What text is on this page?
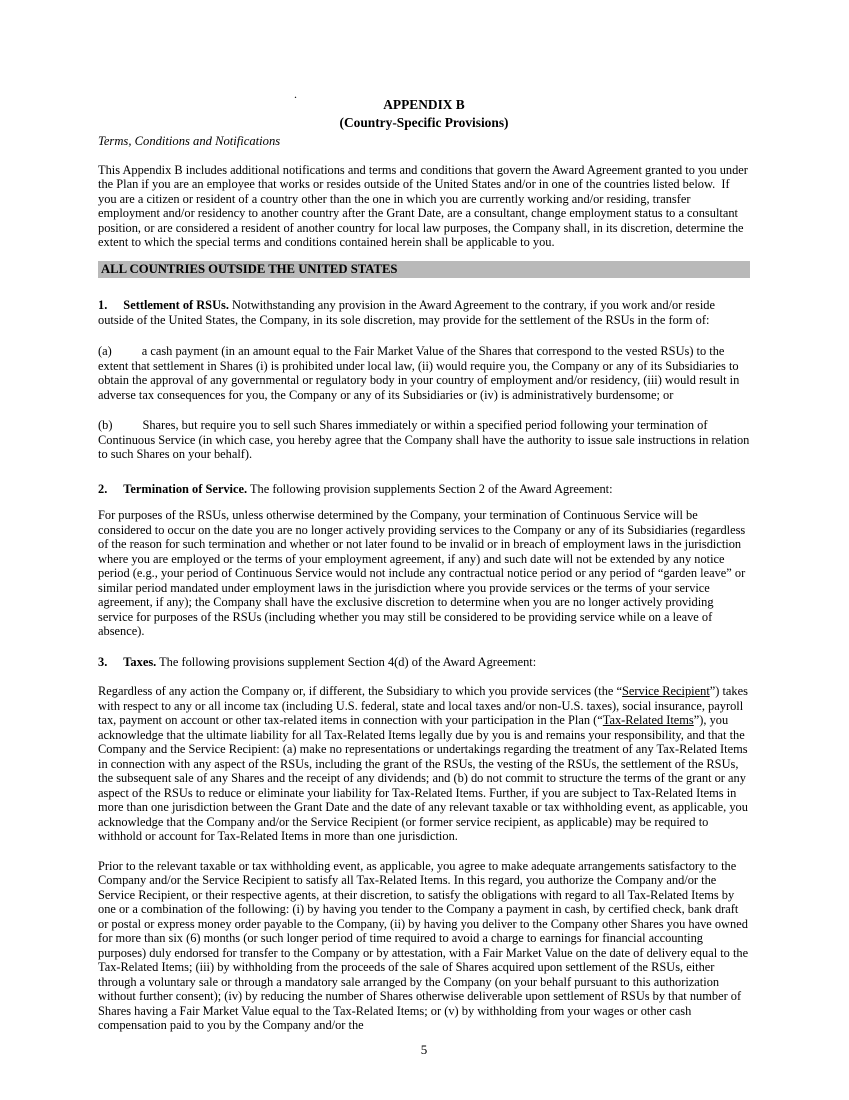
.
APPENDIX B
(Country-Specific Provisions)
Terms, Conditions and Notifications

This Appendix B includes additional notifications and terms and conditions that govern the Award Agreement granted to you under the Plan if you are an employee that works or resides outside of the United States and/or in one of the countries listed below.  If you are a citizen or resident of a country other than the one in which you are currently working and/or residing, transfer employment and/or residency to another country after the Grant Date, are a consultant, change employment status to a consultant position, or are considered a resident of another country for local law purposes, the Company shall, in its discretion, determine the extent to which the special terms and conditions contained herein shall be applicable to you.

ALL COUNTRIES OUTSIDE THE UNITED STATES

1. Settlement of RSUs. Notwithstanding any provision in the Award Agreement to the contrary, if you work and/or reside outside of the United States, the Company, in its sole discretion, may provide for the settlement of the RSUs in the form of:

(a) a cash payment (in an amount equal to the Fair Market Value of the Shares that correspond to the vested RSUs) to the extent that settlement in Shares (i) is prohibited under local law, (ii) would require you, the Company or any of its Subsidiaries to obtain the approval of any governmental or regulatory body in your country of employment and/or residency, (iii) would result in adverse tax consequences for you, the Company or any of its Subsidiaries or (iv) is administratively burdensome; or

(b) Shares, but require you to sell such Shares immediately or within a specified period following your termination of Continuous Service (in which case, you hereby agree that the Company shall have the authority to issue sale instructions in relation to such Shares on your behalf).

2. Termination of Service. The following provision supplements Section 2 of the Award Agreement:

For purposes of the RSUs, unless otherwise determined by the Company, your termination of Continuous Service will be considered to occur on the date you are no longer actively providing services to the Company or any of its Subsidiaries (regardless of the reason for such termination and whether or not later found to be invalid or in breach of employment laws in the jurisdiction where you are employed or the terms of your employment agreement, if any) and such date will not be extended by any notice period (e.g., your period of Continuous Service would not include any contractual notice period or any period of “garden leave” or similar period mandated under employment laws in the jurisdiction where you provide services or the terms of your service agreement, if any); the Company shall have the exclusive discretion to determine when you are no longer actively providing service for purposes of the RSUs (including whether you may still be considered to be providing service while on a leave of absence).

3. Taxes. The following provisions supplement Section 4(d) of the Award Agreement:

Regardless of any action the Company or, if different, the Subsidiary to which you provide services (the “Service Recipient”) takes with respect to any or all income tax (including U.S. federal, state and local taxes and/or non-U.S. taxes), social insurance, payroll tax, payment on account or other tax-related items in connection with your participation in the Plan (“Tax-Related Items”), you acknowledge that the ultimate liability for all Tax-Related Items legally due by you is and remains your responsibility, and that the Company and the Service Recipient: (a) make no representations or undertakings regarding the treatment of any Tax-Related Items in connection with any aspect of the RSUs, including the grant of the RSUs, the vesting of the RSUs, the settlement of the RSUs, the subsequent sale of any Shares and the receipt of any dividends; and (b) do not commit to structure the terms of the grant or any aspect of the RSUs to reduce or eliminate your liability for Tax-Related Items. Further, if you are subject to Tax-Related Items in more than one jurisdiction between the Grant Date and the date of any relevant taxable or tax withholding event, as applicable, you acknowledge that the Company and/or the Service Recipient (or former service recipient, as applicable) may be required to withhold or account for Tax-Related Items in more than one jurisdiction.

Prior to the relevant taxable or tax withholding event, as applicable, you agree to make adequate arrangements satisfactory to the Company and/or the Service Recipient to satisfy all Tax-Related Items. In this regard, you authorize the Company and/or the Service Recipient, or their respective agents, at their discretion, to satisfy the obligations with regard to all Tax-Related Items by one or a combination of the following: (i) by having you tender to the Company a payment in cash, by certified check, bank draft or postal or express money order payable to the Company, (ii) by having you deliver to the Company other Shares you have owned for more than six (6) months (or such longer period of time required to avoid a charge to earnings for financial accounting purposes) duly endorsed for transfer to the Company or by attestation, with a Fair Market Value on the date of delivery equal to the Tax-Related Items; (iii) by withholding from the proceeds of the sale of Shares acquired upon settlement of the RSUs, either through a voluntary sale or through a mandatory sale arranged by the Company (on your behalf pursuant to this authorization without further consent); (iv) by reducing the number of Shares otherwise deliverable upon settlement of RSUs by that number of Shares having a Fair Market Value equal to the Tax-Related Items; or (v) by withholding from your wages or other cash compensation paid to you by the Company and/or the

5
